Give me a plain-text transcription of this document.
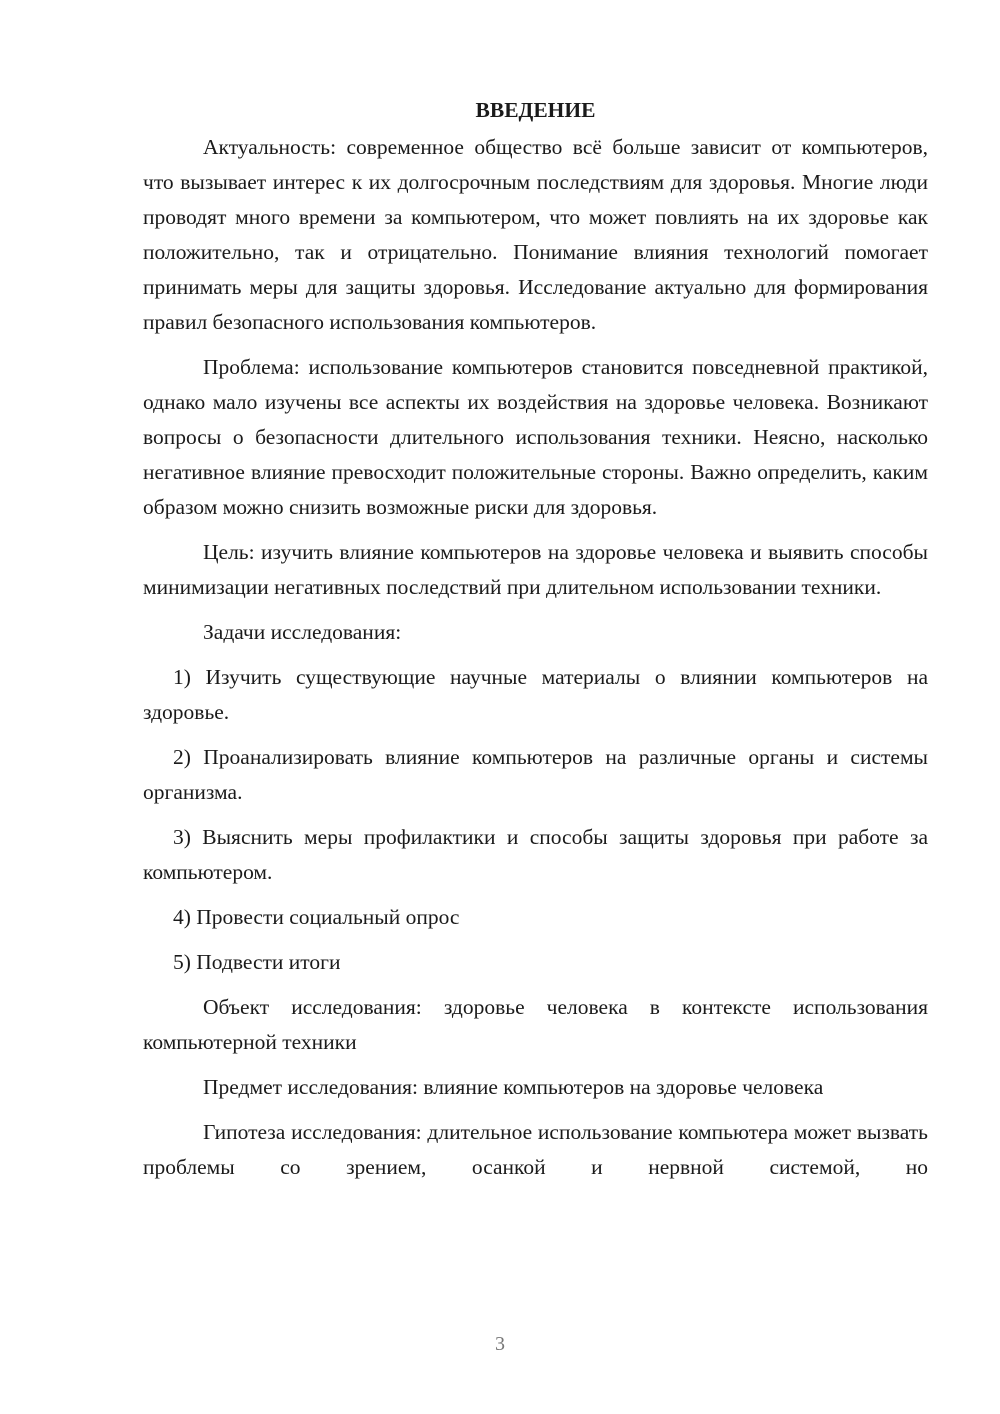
ВВЕДЕНИЕ

Актуальность: современное общество всё больше зависит от компьютеров, что вызывает интерес к их долгосрочным последствиям для здоровья. Многие люди проводят много времени за компьютером, что может повлиять на их здоровье как положительно, так и отрицательно. Понимание влияния технологий помогает принимать меры для защиты здоровья. Исследование актуально для формирования правил безопасного использования компьютеров.

Проблема: использование компьютеров становится повседневной практикой, однако мало изучены все аспекты их воздействия на здоровье человека. Возникают вопросы о безопасности длительного использования техники. Неясно, насколько негативное влияние превосходит положительные стороны. Важно определить, каким образом можно снизить возможные риски для здоровья.

Цель: изучить влияние компьютеров на здоровье человека и выявить способы минимизации негативных последствий при длительном использовании техники.

Задачи исследования:

1) Изучить существующие научные материалы о влиянии компьютеров на здоровье.

2) Проанализировать влияние компьютеров на различные органы и системы организма.

3) Выяснить меры профилактики и способы защиты здоровья при работе за компьютером.

4) Провести социальный опрос

5) Подвести итоги

Объект исследования: здоровье человека в контексте использования компьютерной техники

Предмет исследования: влияние компьютеров на здоровье человека

Гипотеза исследования: длительное использование компьютера может вызвать проблемы со зрением, осанкой и нервной системой, но

3
